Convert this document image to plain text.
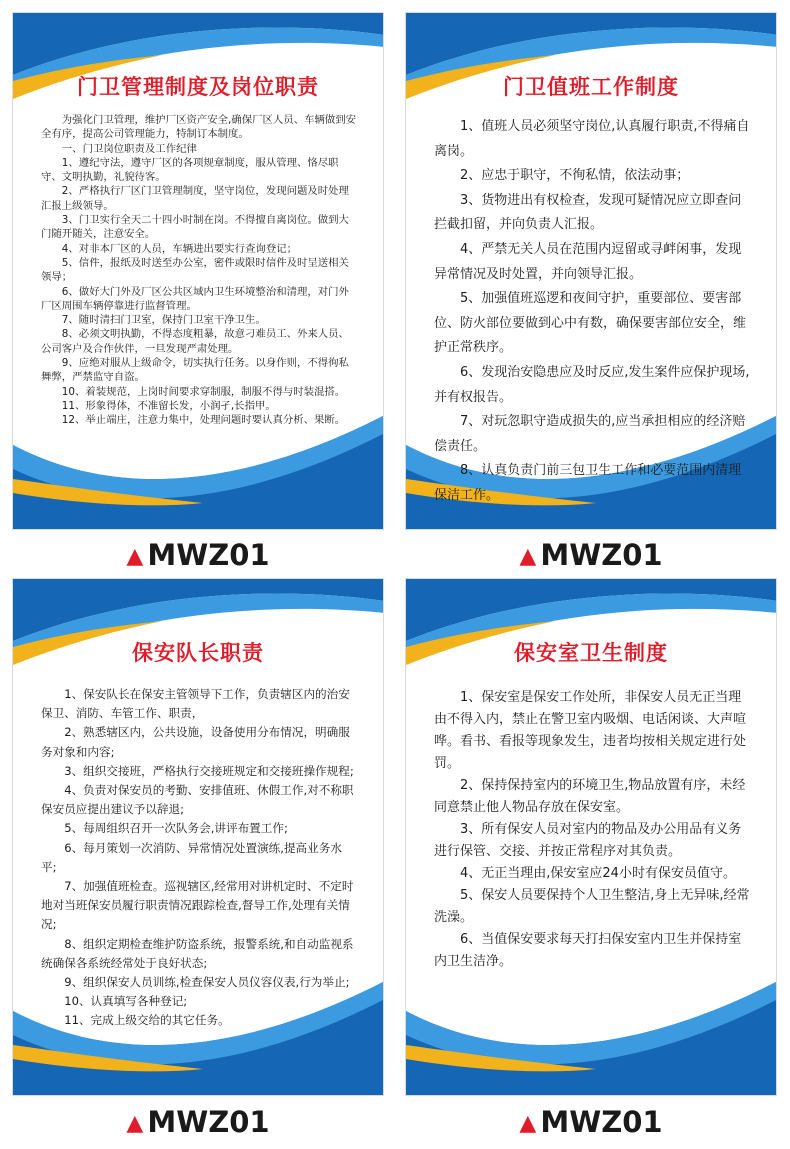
门卫管理制度及岗位职责

为强化门卫管理，维护厂区资产安全,确保厂区人员、车辆做到安全有序，提高公司管理能力，特制订本制度。

一、门卫岗位职责及工作纪律

1、遵纪守法，遵守厂区的各项规章制度，服从管理、恪尽职守、文明执勤，礼貌待客。

2、严格执行厂区门卫管理制度，坚守岗位，发现问题及时处理汇报上级领导。

3、门卫实行全天二十四小时制在岗。不得擅自离岗位。做到大门随开随关，注意安全。

4、对非本厂区的人员，车辆进出要实行查询登记；

5、信件，报纸及时送至办公室，密件或限时信件及时呈送相关领导；

6、做好大门外及厂区公共区域内卫生环境整治和清理，对门外厂区周围车辆停靠进行监督管理。

7、随时清扫门卫室，保持门卫室干净卫生。

8、必须文明执勤，不得态度粗暴，故意刁难员工、外来人员、公司客户及合作伙伴，一旦发现严肃处理。

9、应绝对服从上级命令，切实执行任务。以身作则，不得徇私舞弊，严禁监守自盗。

10、着装规范，上岗时间要求穿制服，制服不得与时装混搭。

11、形象得体，不准留长发，小润孑,长指甲。

12、举止端庄，注意力集中，处理问题时要认真分析、果断。

门卫值班工作制度

1、值班人员必须坚守岗位,认真履行职责,不得痛自离岗。

2、应忠于职守，不徇私情，依法动事；

3、货物进出有权检查，发现可疑情况应立即查问拦截扣留，并向负责人汇报。

4、严禁无关人员在范围内逗留或寻衅闲事，发现异常情况及时处置，并向领导汇报。

5、加强值班巡逻和夜间守护，重要部位、要害部位、防火部位要做到心中有数，确保要害部位安全，维护正常秩序。

6、发现治安隐患应及时反应,发生案件应保护现场,并有权报告。

7、对玩忽职守造成损失的,应当承担相应的经济赔偿责任。

8、认真负责门前三包卫生工作和必要范围内清理保洁工作。

保安队长职责

1、保安队长在保安主管领导下工作，负责辖区内的治安保卫、消防、车管工作、职责，

2、熟悉辖区内，公共设施，设备使用分布情况，明确服务对象和内容;

3、组织交接班，严格执行交接班规定和交接班操作规程;

4、负责对保安员的考勤、安排值班、休假工作,对不称职保安员应提出建议予以辞退;

5、每周组织召开一次队务会,讲评布置工作;

6、每月策划一次消防、异常情况处置演练,提高业务水平;

7、加强值班检查。巡视辖区,经常用对讲机定时、不定时地对当班保安员履行职责情况跟踪检查,督导工作,处理有关情况;

8、组织定期检查维护防盗系统，报警系统,和自动监视系统确保各系统经常处于良好状态;

9、组织保安人员训练,检查保安人员仪容仪表,行为举止;

10、认真填写各种登记;

11、完成上级交给的其它任务。

保安室卫生制度

1、保安室是保安工作处所，非保安人员无正当理由不得入内，禁止在警卫室内吸烟、电话闲谈、大声喧哗。看书、看报等现象发生，违者均按相关规定进行处罚。

2、保持保持室内的环境卫生,物品放置有序，未经同意禁止他人物品存放在保安室。

3、所有保安人员对室内的物品及办公用品有义务进行保管、交接、并按正常程序对其负责。

4、无正当理由,保安室应24小时有保安员值守。

5、保安人员要保持个人卫生整洁,身上无异味,经常洗澡。

6、当值保安要求每天打扫保安室内卫生并保持室内卫生洁净。

▲ MWZ01	▲ MWZ01
▲ MWZ01	▲ MWZ01
